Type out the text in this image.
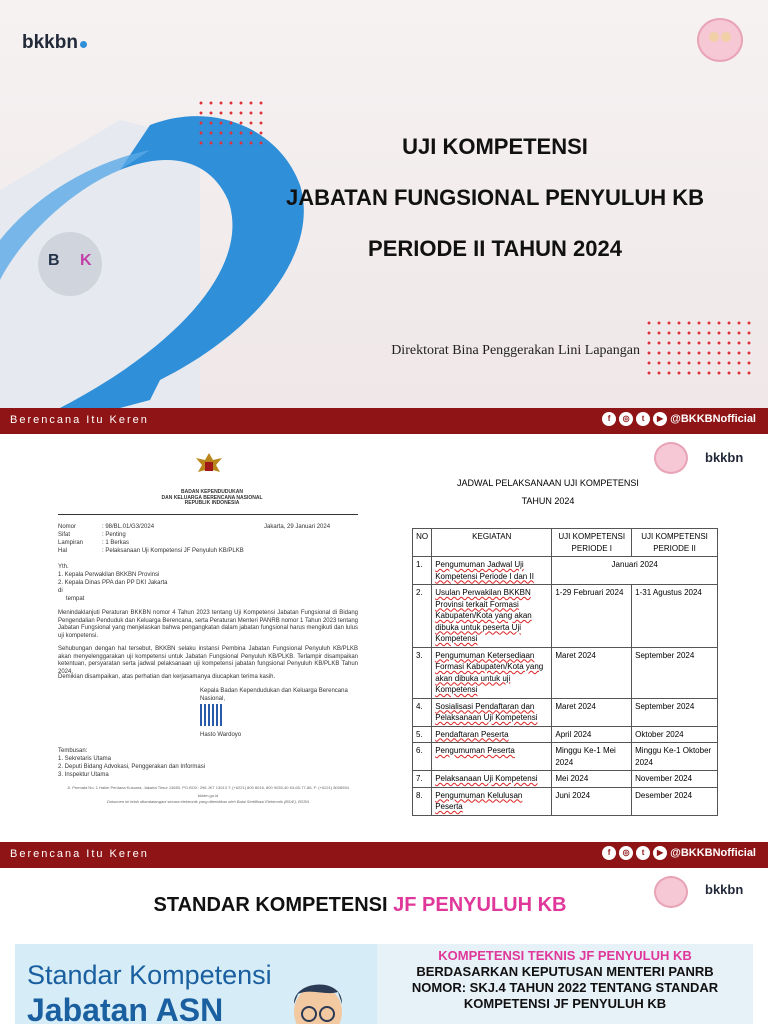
bkkbn
UJI KOMPETENSI
JABATAN FUNGSIONAL PENYULUH KB
PERIODE II TAHUN 2024
Direktorat Bina Penggerakan Lini Lapangan
B K
Berencana Itu Keren	f	◎	t	▶ @BKKBNofficial
bkkbn
BADAN KEPENDUDUKAN
DAN KELUARGA BERENCANA NASIONAL
REPUBLIK INDONESIA
Nomor	: 98/BL.01/G3/2024	Jakarta, 29 Januari 2024
Sifat	: Penting
Lampiran	: 1 Berkas
Hal	: Pelaksanaan Uji Kompetensi JF Penyuluh KB/PLKB
Yth.
1. Kepala Perwakilan BKKBN Provinsi
2. Kepala Dinas PPA dan PP DKI Jakarta
di
tempat
Menindaklanjuti Peraturan BKKBN nomor 4 Tahun 2023 tentang Uji Kompetensi Jabatan Fungsional di Bidang Pengendalian Penduduk dan Keluarga Berencana, serta Peraturan Menteri PANRB nomor 1 Tahun 2023 tentang Jabatan Fungsional yang menjelaskan bahwa pengangkatan dalam jabatan fungsional harus mengikuti dan lulus uji kompetensi.
Sehubungan dengan hal tersebut, BKKBN selaku instansi Pembina Jabatan Fungsional Penyuluh KB/PLKB akan menyelenggarakan uji kompetensi untuk Jabatan Fungsional Penyuluh KB/PLKB. Terlampir disampaikan ketentuan, persyaratan serta jadwal pelaksanaan uji kompetensi jabatan fungsional Penyuluh KB/PLKB Tahun 2024.
Demikian disampaikan, atas perhatian dan kerjasamanya diucapkan terima kasih.
Kepala Badan Kependudukan dan Keluarga Berencana Nasional,
Hasto Wardoyo
Tembusan:
1. Sekretaris Utama
2. Deputi Bidang Advokasi, Penggerakan dan Informasi
3. Inspektur Utama
Jl. Permata No. 1 Halim Perdana Kusuma, Jakarta Timur 13650, PO.BOX: 296 JKT 13013 T: (+6221) 800 8016, 800 9035-40 63-65-77-86, F: (+6221) 8008554 bkkbn.go.id
Dokumen ini telah ditandatangani secara elektronik yang diterbitkan oleh Balai Sertifikasi Elektronik (BSrE), BSSN
JADWAL PELAKSANAAN UJI KOMPETENSI
TAHUN 2024
NO	KEGIATAN	UJI KOMPETENSI PERIODE I	UJI KOMPETENSI PERIODE II
1.	Pengumuman Jadwal Uji Kompetensi Periode I dan II	Januari 2024	
2.	Usulan Perwakilan BKKBN Provinsi terkait Formasi Kabupaten/Kota yang akan dibuka untuk peserta Uji Kompetensi	1-29 Februari 2024	1-31 Agustus 2024
3.	Pengumuman Ketersediaan Formasi Kabupaten/Kota yang akan dibuka untuk uji Kompetensi	Maret 2024	September 2024
4.	Sosialisasi Pendaftaran dan Pelaksanaan Uji Kompetensi	Maret 2024	September 2024
5.	Pendaftaran Peserta	April 2024	Oktober 2024
6.	Pengumuman Peserta	Minggu Ke-1 Mei 2024	Minggu Ke-1 Oktober 2024
7.	Pelaksanaan Uji Kompetensi	Mei 2024	November 2024
8.	Pengumuman Kelulusan Peserta	Juni 2024	Desember 2024
Berencana Itu Keren	f	◎	t	▶ @BKKBNofficial
bkkbn
STANDAR KOMPETENSI JF PENYULUH KB
Standar Kompetensi
Jabatan ASN
KOMPETENSI TEKNIS JF PENYULUH KB
BERDASARKAN KEPUTUSAN MENTERI PANRB
NOMOR: SKJ.4 TAHUN 2022 TENTANG STANDAR
KOMPETENSI JF PENYULUH KB
